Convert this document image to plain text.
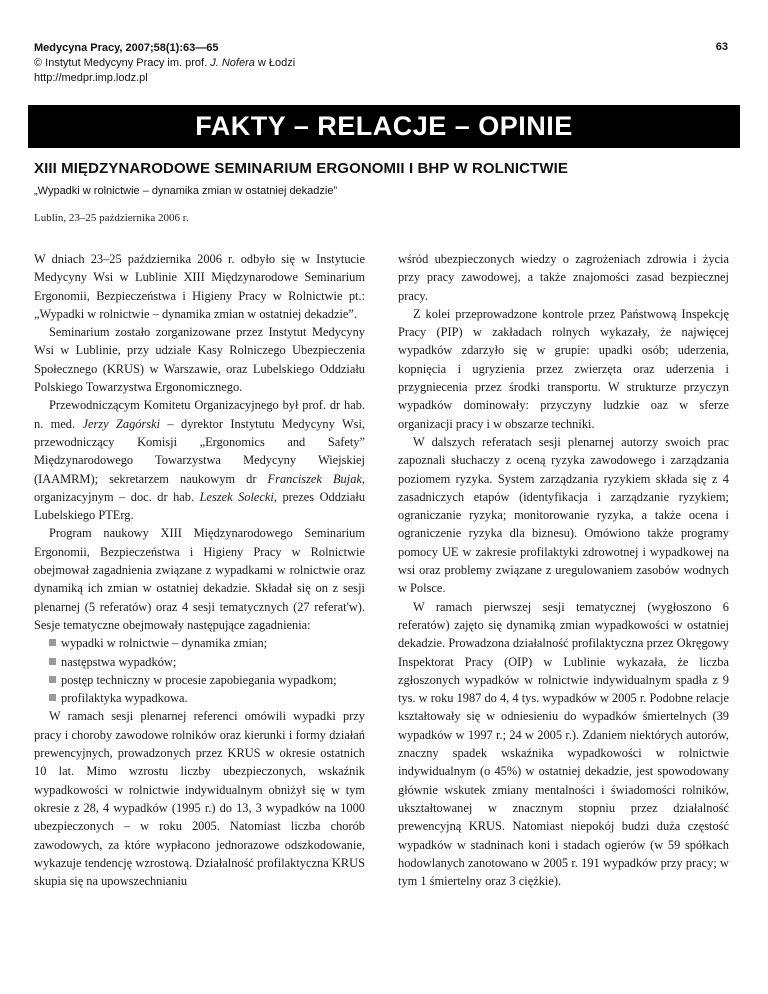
Medycyna Pracy, 2007;58(1):63—65
© Instytut Medycyny Pracy im. prof. J. Nofera w Łodzi
http://medpr.imp.lodz.pl
63
FAKTY – RELACJE – OPINIE
XIII MIĘDZYNARODOWE SEMINARIUM ERGONOMII I BHP W ROLNICTWIE
„Wypadki w rolnictwie – dynamika zmian w ostatniej dekadzie”
Lublin, 23–25 października 2006 r.

W dniach 23–25 października 2006 r. odbyło się w Instytucie Medycyny Wsi w Lublinie XIII Międzynarodowe Seminarium Ergonomii, Bezpieczeństwa i Higieny Pracy w Rolnictwie pt.: „Wypadki w rolnictwie – dynamika zmian w ostatniej dekadzie”.

Seminarium zostało zorganizowane przez Instytut Medycyny Wsi w Lublinie, przy udziale Kasy Rolniczego Ubezpieczenia Społecznego (KRUS) w Warszawie, oraz Lubelskiego Oddziału Polskiego Towarzystwa Ergonomicznego.

Przewodniczącym Komitetu Organizacyjnego był prof. dr hab. n. med. Jerzy Zagórski – dyrektor Instytutu Medycyny Wsi, przewodniczący Komisji „Ergonomics and Safety” Międzynarodowego Towarzystwa Medycyny Wiejskiej (IAAMRM); sekretarzem naukowym dr Franciszek Bujak, organizacyjnym – doc. dr hab. Leszek Solecki, prezes Oddziału Lubelskiego PTErg.

Program naukowy XIII Międzynarodowego Seminarium Ergonomii, Bezpieczeństwa i Higieny Pracy w Rolnictwie obejmował zagadnienia związane z wypadkami w rolnictwie oraz dynamiką ich zmian w ostatniej dekadzie. Składał się on z sesji plenarnej (5 referatów) oraz 4 sesji tematycznych (27 referat'w). Sesje tematyczne obejmowały następujące zagadnienia:

wypadki w rolnictwie – dynamika zmian;

następstwa wypadków;

postęp techniczny w procesie zapobiegania wypadkom;

profilaktyka wypadkowa.

W ramach sesji plenarnej referenci omówili wypadki przy pracy i choroby zawodowe rolników oraz kierunki i formy działań prewencyjnych, prowadzonych przez KRUS w okresie ostatnich 10 lat. Mimo wzrostu liczby ubezpieczonych, wskaźnik wypadkowości w rolnictwie indywidualnym obniżył się w tym okresie z 28, 4 wypadków (1995 r.) do 13, 3 wypadków na 1000 ubezpieczonych – w roku 2005. Natomiast liczba chorób zawodowych, za które wypłacono jednorazowe odszkodowanie, wykazuje tendencję wzrostową. Działalność profilaktyczna KRUS skupia się na upowszechnianiu

wśród ubezpieczonych wiedzy o zagrożeniach zdrowia i życia przy pracy zawodowej, a także znajomości zasad bezpiecznej pracy.

Z kolei przeprowadzone kontrole przez Państwową Inspekcję Pracy (PIP) w zakładach rolnych wykazały, że najwięcej wypadków zdarzyło się w grupie: upadki osób; uderzenia, kopnięcia i ugryzienia przez zwierzęta oraz uderzenia i przygniecenia przez środki transportu. W strukturze przyczyn wypadków dominowały: przyczyny ludzkie oaz w sferze organizacji pracy i w obszarze techniki.

W dalszych referatach sesji plenarnej autorzy swoich prac zapoznali słuchaczy z oceną ryzyka zawodowego i zarządzania poziomem ryzyka. System zarządzania ryzykiem składa się z 4 zasadniczych etapów (identyfikacja i zarządzanie ryzykiem; ograniczanie ryzyka; monitorowanie ryzyka, a także ocena i ograniczenie ryzyka dla biznesu). Omówiono także programy pomocy UE w zakresie profilaktyki zdrowotnej i wypadkowej na wsi oraz problemy związane z uregulowaniem zasobów wodnych w Polsce.

W ramach pierwszej sesji tematycznej (wygłoszono 6 referatów) zajęto się dynamiką zmian wypadkowości w ostatniej dekadzie. Prowadzona działalność profilaktyczna przez Okręgowy Inspektorat Pracy (OIP) w Lublinie wykazała, że liczba zgłoszonych wypadków w rolnictwie indywidualnym spadła z 9 tys. w roku 1987 do 4, 4 tys. wypadków w 2005 r. Podobne relacje kształtowały się w odniesieniu do wypadków śmiertelnych (39 wypadków w 1997 r.; 24 w 2005 r.). Zdaniem niektórych autorów, znaczny spadek wskaźnika wypadkowości w rolnictwie indywidualnym (o 45%) w ostatniej dekadzie, jest spowodowany głównie wskutek zmiany mentalności i świadomości rolników, ukształtowanej w znacznym stopniu przez działalność prewencyjną KRUS. Natomiast niepokój budzi duża częstość wypadków w stadninach koni i stadach ogierów (w 59 spółkach hodowlanych zanotowano w 2005 r. 191 wypadków przy pracy; w tym 1 śmiertelny oraz 3 ciężkie).
